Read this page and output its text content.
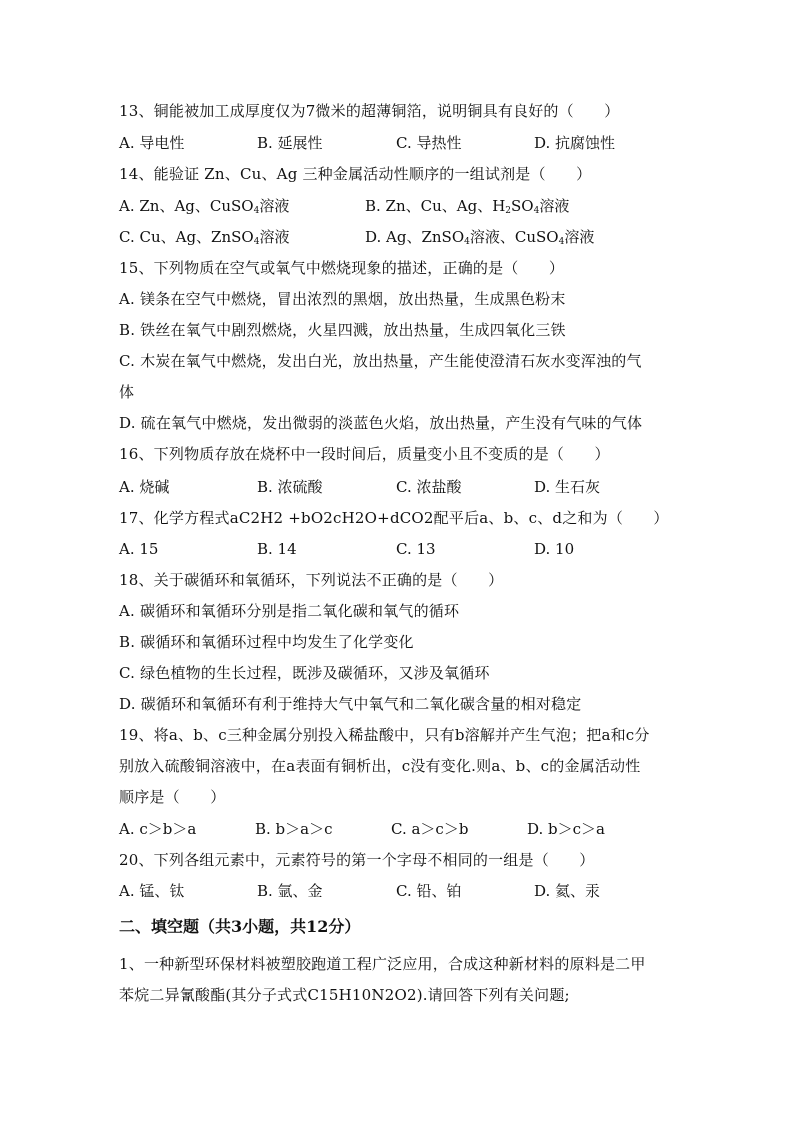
13、铜能被加工成厚度仅为7微米的超薄铜箔，说明铜具有良好的（　　）
A. 导电性	B. 延展性	C. 导热性	D. 抗腐蚀性
14、能验证 Zn、Cu、Ag 三种金属活动性顺序的一组试剂是（　　）
A. Zn、Ag、CuSO$_4$溶液	B. Zn、Cu、Ag、$H_2SO_4$溶液
C. Cu、Ag、ZnSO$_4$溶液	D. Ag、ZnSO$_4$溶液、CuSO$_4$溶液
15、下列物质在空气或氧气中燃烧现象的描述，正确的是（　　）
A. 镁条在空气中燃烧，冒出浓烈的黑烟，放出热量，生成黑色粉末
B. 铁丝在氧气中剧烈燃烧，火星四溅，放出热量，生成四氧化三铁
C. 木炭在氧气中燃烧，发出白光，放出热量，产生能使澄清石灰水变浑浊的气
体
D. 硫在氧气中燃烧，发出微弱的淡蓝色火焰，放出热量，产生没有气味的气体
16、下列物质存放在烧杯中一段时间后，质量变小且不变质的是（　　）
A. 烧碱	B. 浓硫酸	C. 浓盐酸	D. 生石灰
17、化学方程式aC2H2 +bO2cH2O+dCO2配平后a、b、c、d之和为（　　）
A. 15	B. 14	C. 13	D. 10
18、关于碳循环和氧循环，下列说法不正确的是（　　）
A. 碳循环和氧循环分别是指二氧化碳和氧气的循环
B. 碳循环和氧循环过程中均发生了化学变化
C. 绿色植物的生长过程，既涉及碳循环，又涉及氧循环
D. 碳循环和氧循环有利于维持大气中氧气和二氧化碳含量的相对稳定
19、将a、b、c三种金属分别投入稀盐酸中，只有b溶解并产生气泡；把a和c分
别放入硫酸铜溶液中，在a表面有铜析出，c没有变化.则a、b、c的金属活动性
顺序是（　　）
A. c＞b＞a	B. b＞a＞c	C. a＞c＞b	D. b＞c＞a
20、下列各组元素中，元素符号的第一个字母不相同的一组是（　　）
A. 锰、钛	B. 氩、金	C. 铅、铂	D. 氦、汞
二、填空题（共3小题，共12分）
1、一种新型环保材料被塑胶跑道工程广泛应用，合成这种新材料的原料是二甲
苯烷二异氰酸酯(其分子式式C15H10N2O2).请回答下列有关问题;
